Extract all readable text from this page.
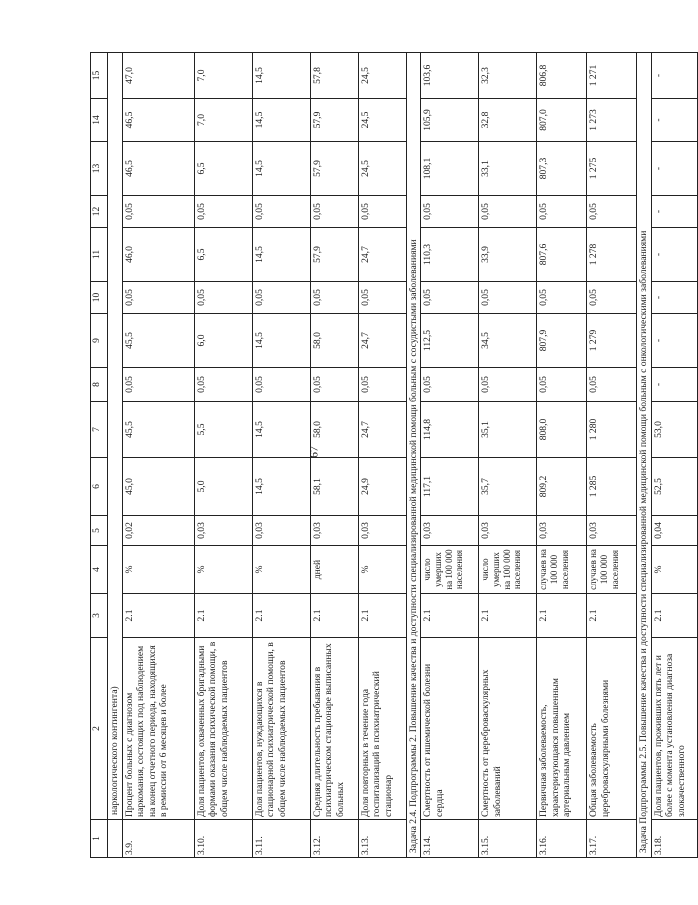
67
1	2	3	4	5	6	7	8	9	10	11	12	13	14	15
	наркологического контингента)													
3.9.	Процент больных с диагнозом наркомания, состоящих под наблюдением на конец отчетного периода, находящихся в ремиссии от 6 месяцев и более	2.1	%	0,02	45,0	45,5	0,05	45,5	0,05	46,0	0,05	46,5	46,5	47,0
3.10.	Доля пациентов, охваченных бригадными формами оказания психической помощи, в общем числе наблюдаемых пациентов	2.1	%	0,03	5,0	5,5	0,05	6,0	0,05	6,5	0,05	6,5	7,0	7,0
3.11.	Доля пациентов, нуждающихся в стационарной психиатрической помощи, в общем числе наблюдаемых пациентов	2.1	%	0,03	14,5	14,5	0,05	14,5	0,05	14,5	0,05	14,5	14,5	14,5
3.12.	Средняя длительность пребывания в психиатрическом стационаре выписанных больных	2.1	дней	0,03	58,1	58,0	0,05	58,0	0,05	57,9	0,05	57,9	57,9	57,8
3.13.	Доля повторных в течение года госпитализаций в психиатрический стационар	2.1	%	0,03	24,9	24,7	0,05	24,7	0,05	24,7	0,05	24,5	24,5	24,5
Задача 2.4. Подпрограммы 2. Повышение качества и доступности специализированной медицинской помощи больным с сосудистыми заболеваниями														
3.14.	Смертность от ишемической болезни сердца	2.1	число умерших на 100 000 населения	0,03	117,1	114,8	0,05	112,5	0,05	110,3	0,05	108,1	105,9	103,6
3.15.	Смертность от цереброваскулярных заболеваний	2.1	число умерших на 100 000 населения	0,03	35,7	35,1	0,05	34,5	0,05	33,9	0,05	33,1	32,8	32,3
3.16.	Первичная заболеваемость, характеризующаяся повышенным артериальным давлением	2.1	случаев на 100 000 населения	0,03	809,2	808,0	0,05	807,9	0,05	807,6	0,05	807,3	807,0	806,8
3.17.	Общая заболеваемость цереброваскулярными болезнями	2.1	случаев на 100 000 населения	0,03	1 285	1 280	0,05	1 279	0,05	1 278	0,05	1 275	1 273	1 271
Задача Подпрограммы 2.5. Повышение качества и доступности специализированной медицинской помощи больным с онкологическими заболеваниями														
3.18.	Доля пациентов, проживших пять лет и более с момента установления диагноза злокачественного	2.1	%	0,04	52,5	53,0	-	-	-	-	-	-	-	-
